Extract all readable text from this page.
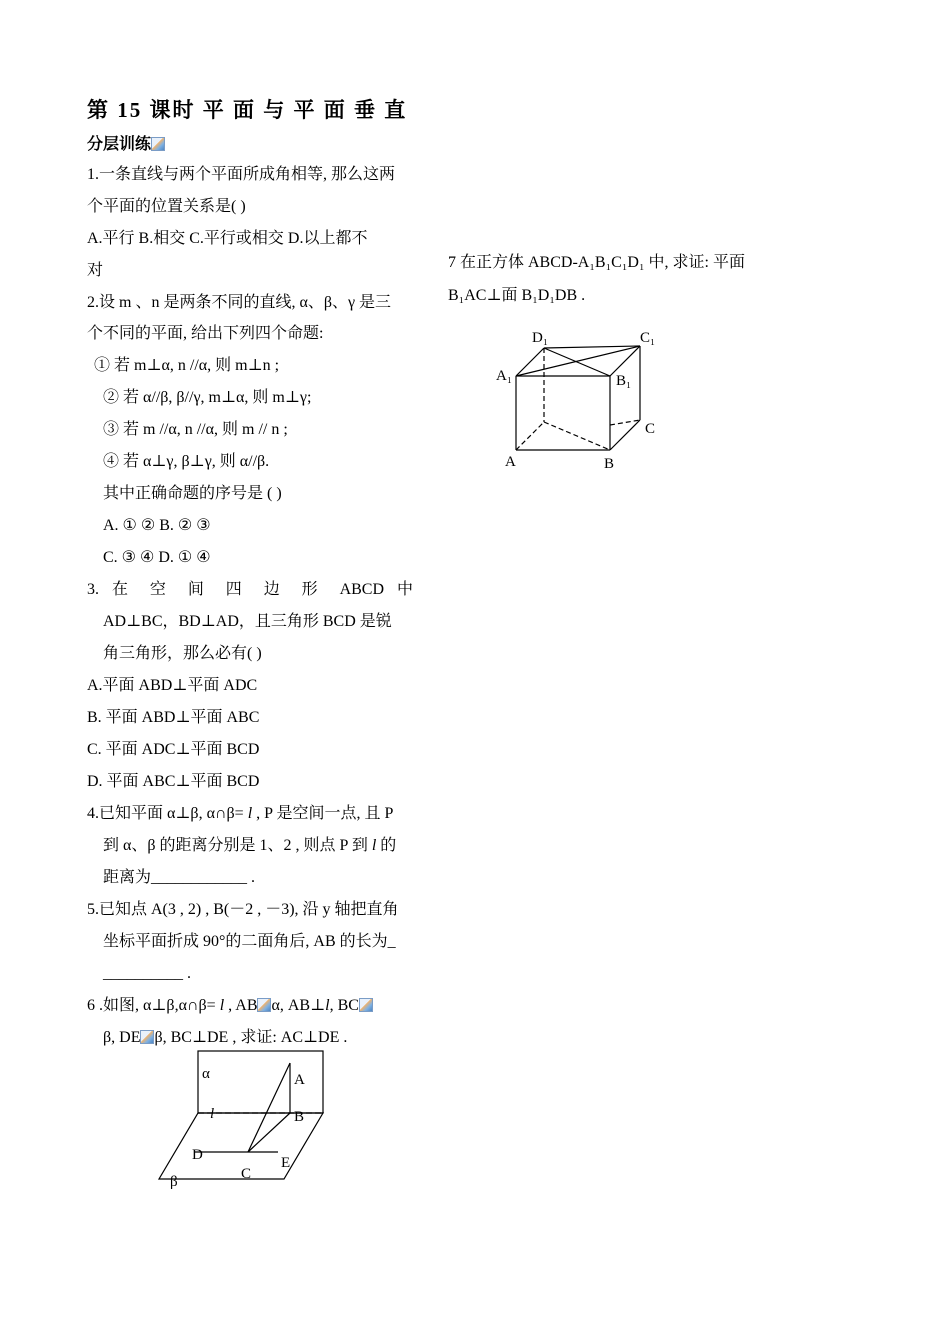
第 15 课时 平 面 与 平 面 垂 直
分层训练
1.一条直线与两个平面所成角相等, 那么这两
个平面的位置关系是( )
A.平行 B.相交 C.平行或相交 D.以上都不
对
2.设 m 、n 是两条不同的直线, α、β、γ 是三
个不同的平面, 给出下列四个命题:
① 若 m⊥α, n //α, 则 m⊥n ;
② 若 α//β, β//γ, m⊥α, 则 m⊥γ;
③ 若 m //α, n //α, 则 m // n ;
④ 若 α⊥γ, β⊥γ, 则 α//β.
其中正确命题的序号是 ( )
A. ① ② B. ② ③
C. ③ ④ D. ① ④
3. 在 空 间 四 边 形 ABCD 中
AD⊥BC，BD⊥AD，且三角形 BCD 是锐
角三角形，那么必有( )
A.平面 ABD⊥平面 ADC
B. 平面 ABD⊥平面 ABC
C. 平面 ADC⊥平面 BCD
D. 平面 ABC⊥平面 BCD
4.已知平面 α⊥β, α∩β= l , P 是空间一点, 且 P
到 α、β 的距离分别是 1、2 , 则点 P 到 l 的
距离为____________ .
5.已知点 A(3 , 2) , B(－2 , －3), 沿 y 轴把直角
坐标平面折成 90°的二面角后, AB 的长为_
__________ .
6 .如图, α⊥β,α∩β= l , AB α, AB⊥l, BC
β, DE β, BC⊥DE , 求证: AC⊥DE .
α
l
A
B
D
C
E
β
7 在正方体 ABCD-A₁B₁C₁D₁ 中, 求证: 平面
B₁AC⊥面 B₁D₁DB .
D₁	C₁
A₁	B₁
C
A	B
